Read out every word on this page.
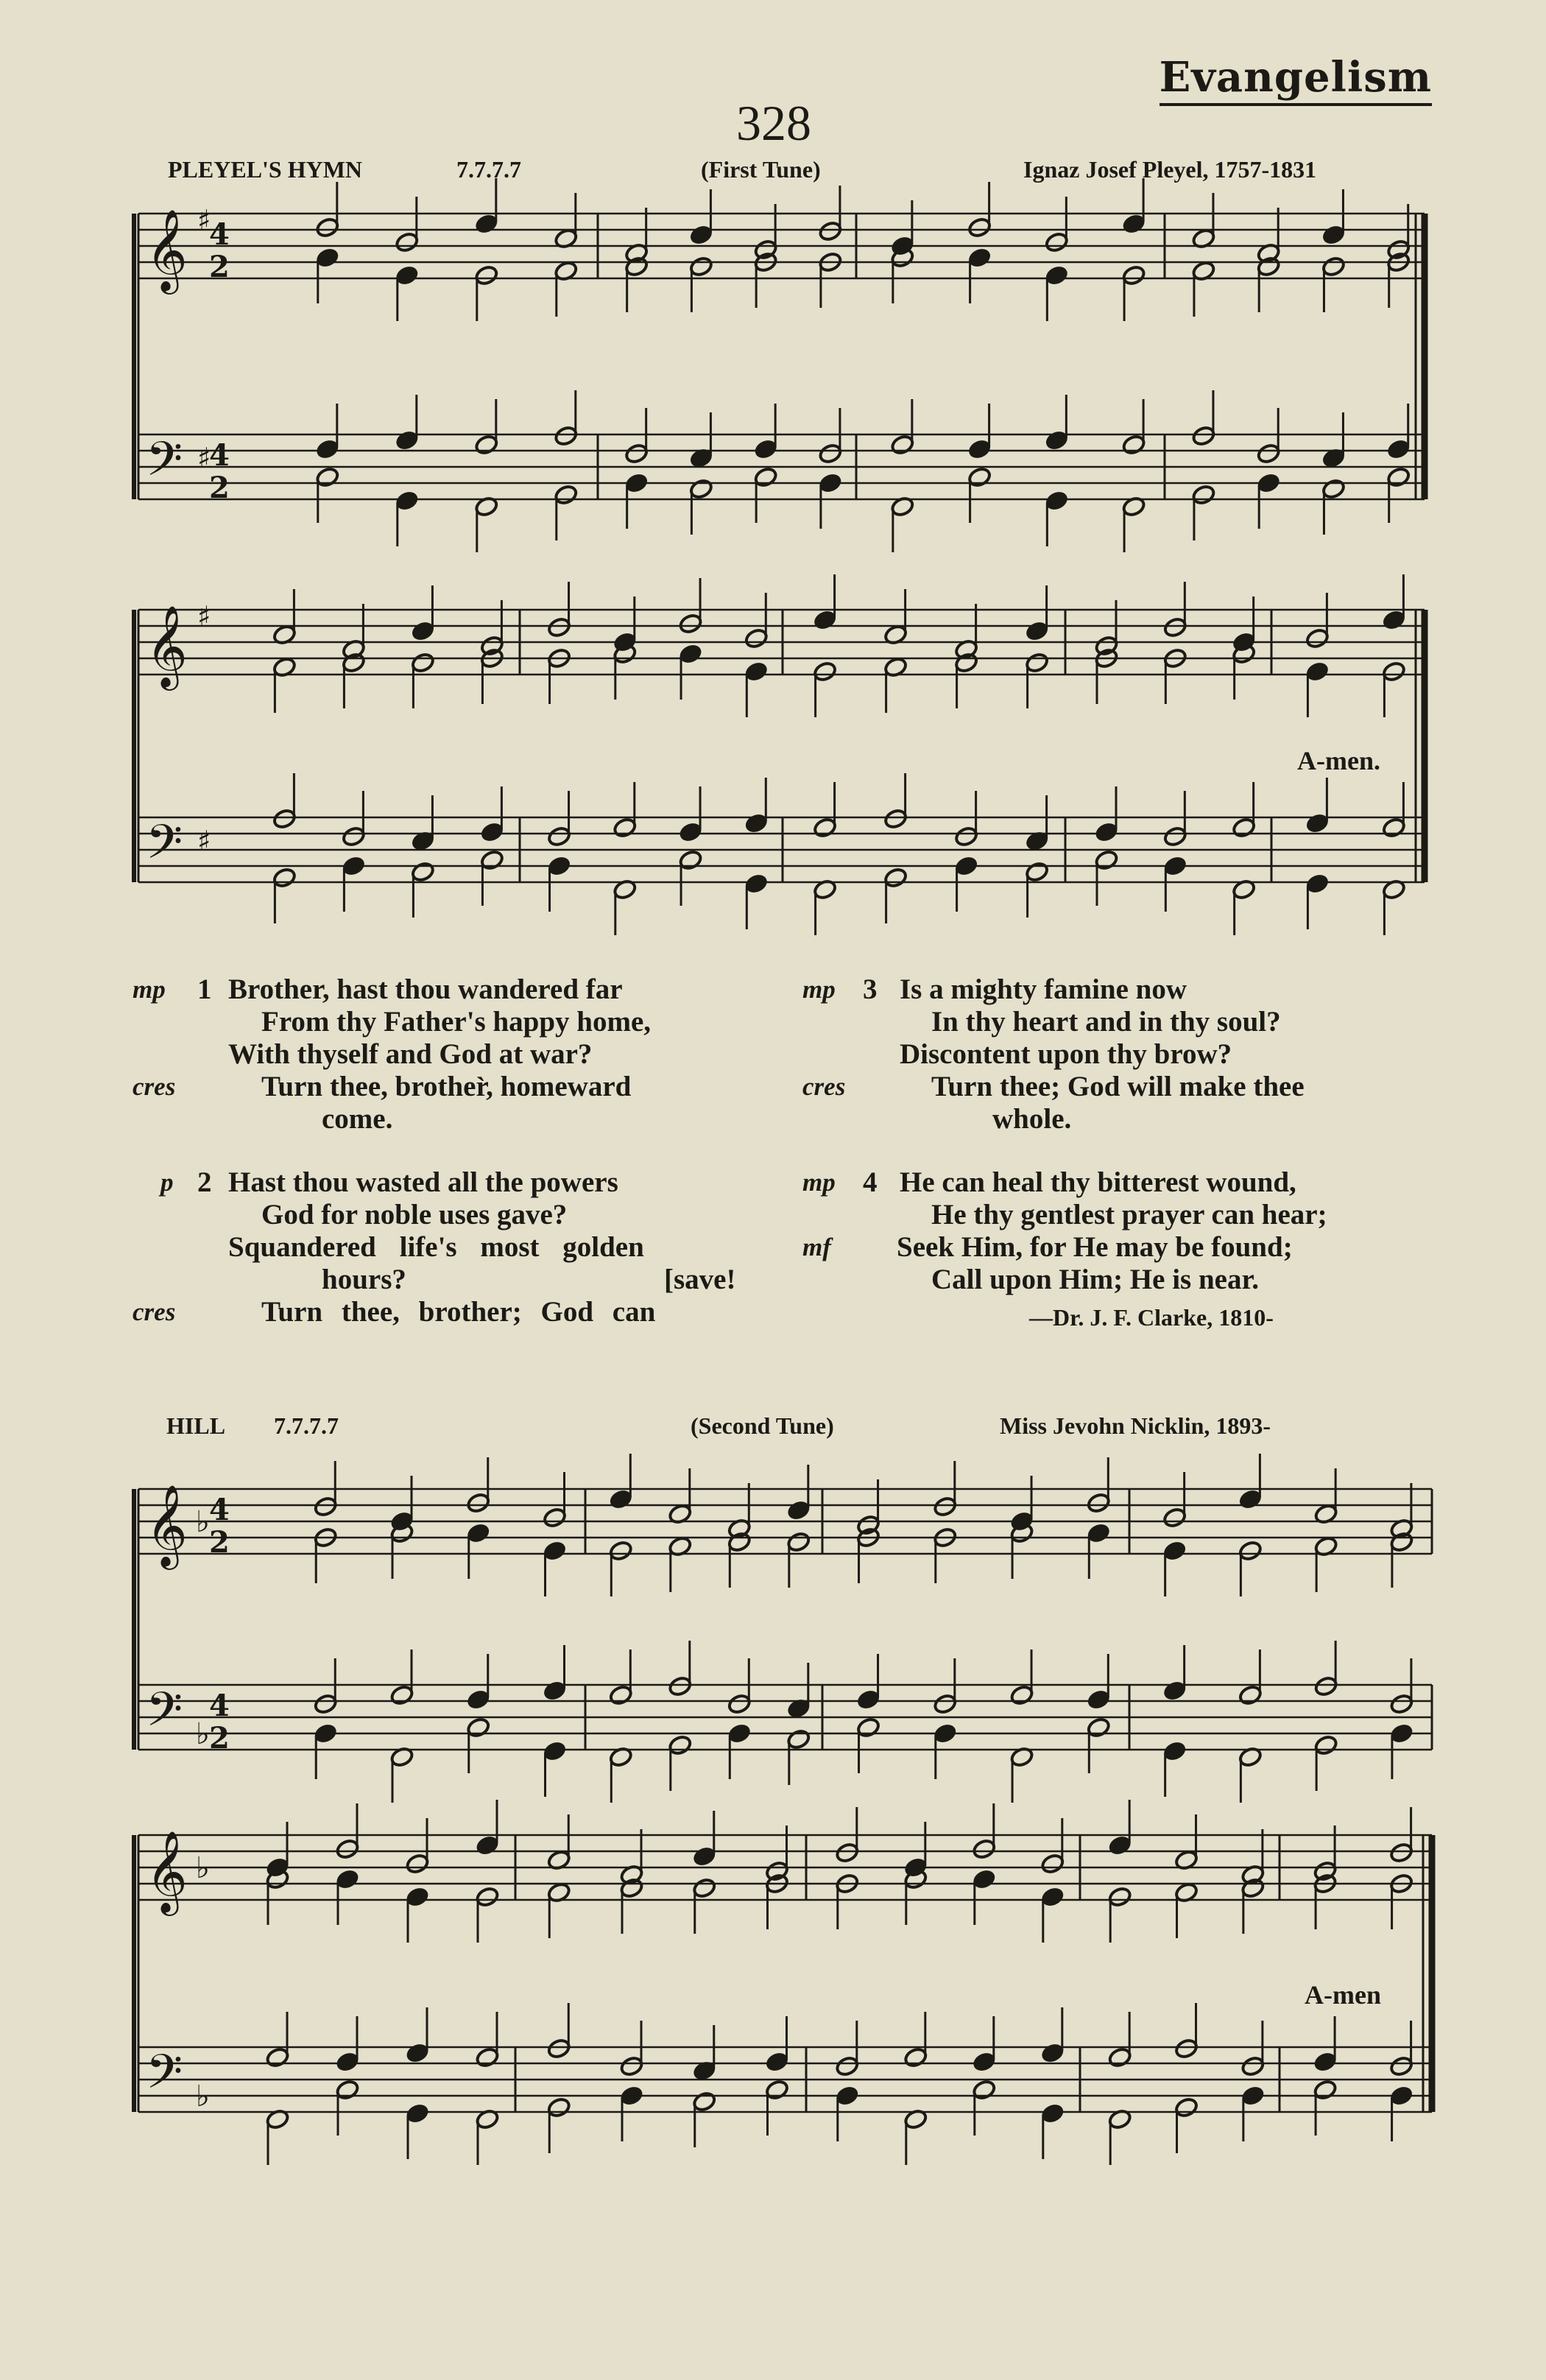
Evangelism
328
PLEYEL'S HYMN	7.7.7.7	(First Tune)	Ignaz Josef Pleyel, 1757-1831
𝄞
𝄢
♯
♯
4
2
4
2
𝄞
𝄢
♯
♯
𝄞
𝄢
♭
♭
4
2
4
2
𝄞
𝄢
♭
♭
A-men.
mp 1 Brother, hast thou wandered far
From thy Father's happy home,
With thyself and God at war?
Turn thee, brother̀, homeward
come.
cres
p 2 Hast thou wasted all the powers
God for noble uses gave?
Squandered life's most golden
hours?	[save!
Turn thee, brother; God can
cres
mp 3 Is a mighty famine now
In thy heart and in thy soul?
Discontent upon thy brow?
Turn thee; God will make thee
whole.
cres
mp 4 He can heal thy bitterest wound,
He thy gentlest prayer can hear;
Seek Him, for He may be found;
Call upon Him; He is near.
mf
—Dr. J. F. Clarke, 1810-
HILL 7.7.7.7	(Second Tune)	Miss Jevohn Nicklin, 1893-
A-men
